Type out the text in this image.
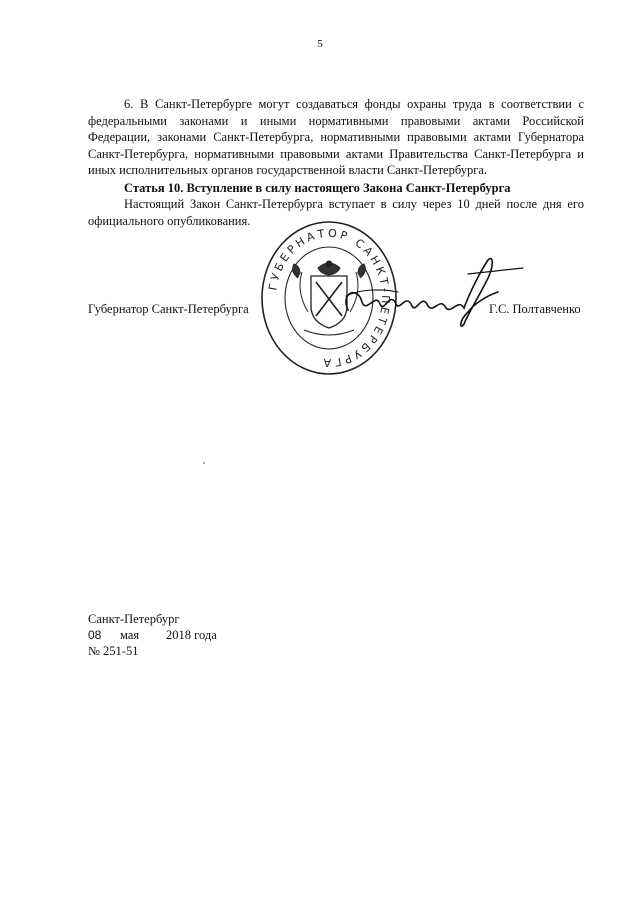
5

6. В Санкт-Петербурге могут создаваться фонды охраны труда в соответствии с федеральными законами и иными нормативными правовыми актами Российской Федерации, законами Санкт-Петербурга, нормативными правовыми актами Губернатора Санкт-Петербурга, нормативными правовыми актами Правительства Санкт-Петербурга и иных исполнительных органов государственной власти Санкт-Петербурга.

Статья 10. Вступление в силу настоящего Закона Санкт-Петербурга

Настоящий Закон Санкт-Петербурга вступает в силу через 10 дней после дня его официального опубликования.

ГУБЕРНАТОР САНКТ-ПЕТЕРБУРГА
Губернатор Санкт-Петербурга	Г.С. Полтавченко
Санкт-Петербург
08 мая 2018 года
№ 251-51
